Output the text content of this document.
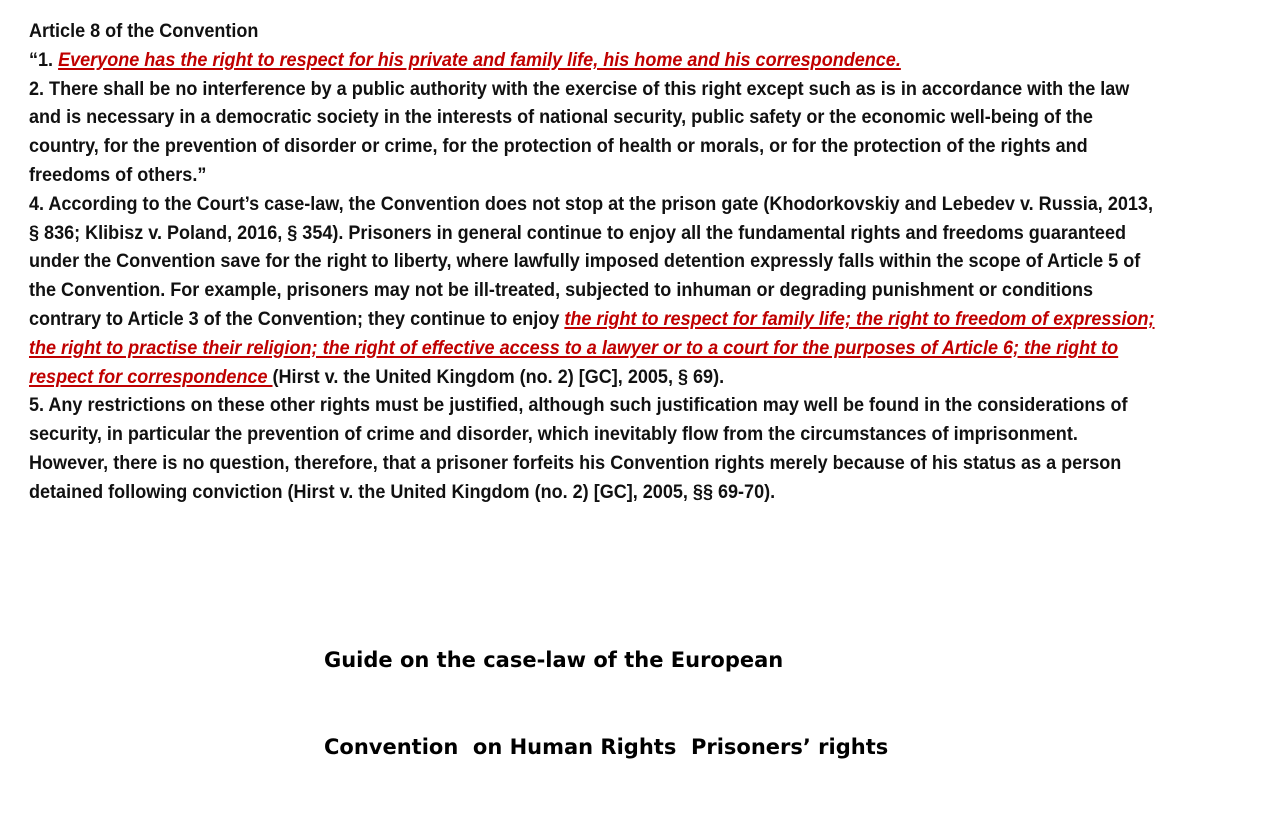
Article 8 of the Convention

“1. Everyone has the right to respect for his private and family life, his home and his correspondence.

2. There shall be no interference by a public authority with the exercise of this right except such as is in accordance with the law and is necessary in a democratic society in the interests of national security, public safety or the economic well-being of the country, for the prevention of disorder or crime, for the protection of health or morals, or for the protection of the rights and freedoms of others.”

4. According to the Court’s case-law, the Convention does not stop at the prison gate (Khodorkovskiy and Lebedev v. Russia, 2013, § 836; Klibisz v. Poland, 2016, § 354). Prisoners in general continue to enjoy all the fundamental rights and freedoms guaranteed under the Convention save for the right to liberty, where lawfully imposed detention expressly falls within the scope of Article 5 of the Convention. For example, prisoners may not be ill-treated, subjected to inhuman or degrading punishment or conditions contrary to Article 3 of the Convention; they continue to enjoy the right to respect for family life; the right to freedom of expression; the right to practise their religion; the right of effective access to a lawyer or to a court for the purposes of Article 6; the right to respect for correspondence (Hirst v. the United Kingdom (no. 2) [GC], 2005, § 69).

5. Any restrictions on these other rights must be justified, although such justification may well be found in the considerations of security, in particular the prevention of crime and disorder, which inevitably flow from the circumstances of imprisonment. However, there is no question, therefore, that a prisoner forfeits his Convention rights merely because of his status as a person detained following conviction (Hirst v. the United Kingdom (no. 2) [GC], 2005, §§ 69-70).

Guide on the case-law of the European

Convention  on Human Rights  Prisoners’ rights
